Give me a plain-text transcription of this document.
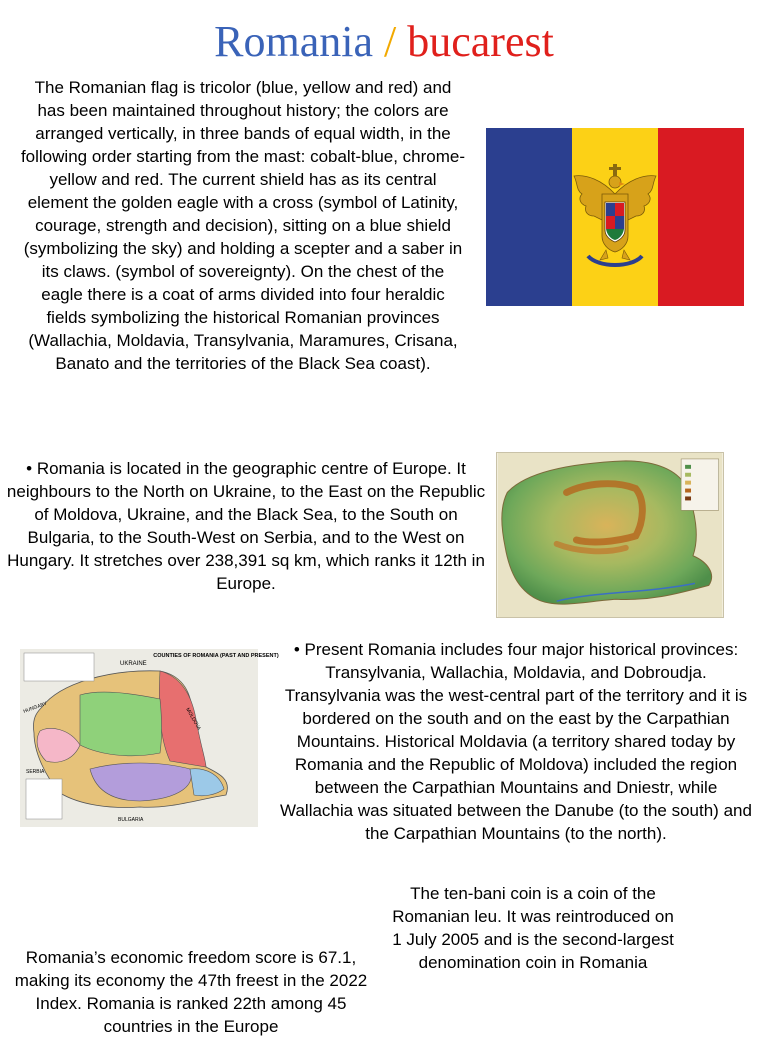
Romania / bucarest

The Romanian flag is tricolor (blue, yellow and red) and has been maintained throughout history; the colors are arranged vertically, in three bands of equal width, in the following order starting from the mast: cobalt-blue, chrome-yellow and red. The current shield has as its central element the golden eagle with a cross (symbol of Latinity, courage, strength and decision), sitting on a blue shield (symbolizing the sky) and holding a scepter and a saber in its claws. (symbol of sovereignty). On the chest of the eagle there is a coat of arms divided into four heraldic fields symbolizing the historical Romanian provinces (Wallachia, Moldavia, Transylvania, Maramures, Crisana, Banato and the territories of the Black Sea coast).

• Romania is located in the geographic centre of Europe. It neighbours to the North on Ukraine, to the East on the Republic of Moldova, Ukraine, and the Black Sea, to the South on Bulgaria, to the South-West on Serbia, and to the West on Hungary. It stretches over 238,391 sq km, which ranks it 12th in Europe.

COUNTIES OF ROMANIA (PAST AND PRESENT)
UKRAINE
MOLDOVA
HUNGARY
BULGARIA
SERBIA

• Present Romania includes four major historical provinces: Transylvania, Wallachia, Moldavia, and Dobroudja. Transylvania was the west-central part of the territory and it is bordered on the south and on the east by the Carpathian Mountains. Historical Moldavia (a territory shared today by Romania and the Republic of Moldova) included the region between the Carpathian Mountains and Dniestr, while Wallachia was situated between the Danube (to the south) and the Carpathian Mountains (to the north).

The ten-bani coin is a coin of the Romanian leu. It was reintroduced on 1 July 2005 and is the second-largest denomination coin in Romania

Romania’s economic freedom score is 67.1, making its economy the 47th freest in the 2022 Index. Romania is ranked 22th among 45 countries in the Europe
